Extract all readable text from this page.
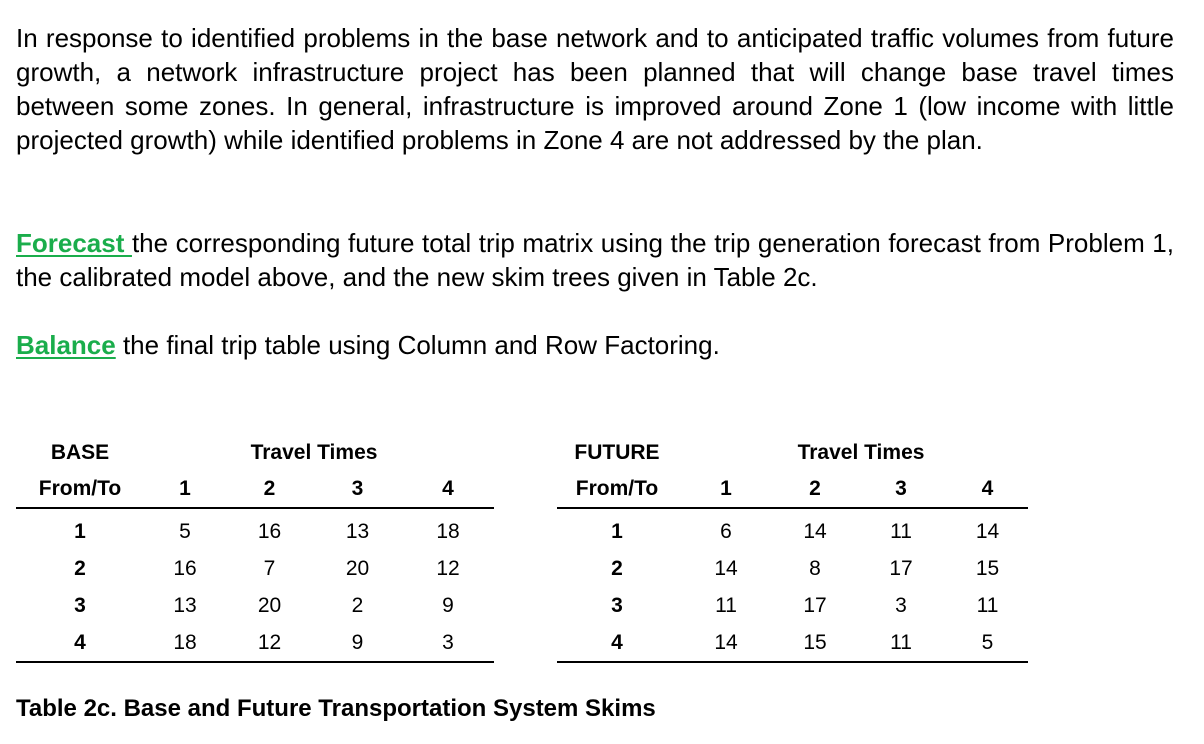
In response to identified problems in the base network and to anticipated traffic volumes from future growth, a network infrastructure project has been planned that will change base travel times between some zones. In general, infrastructure is improved around Zone 1 (low income with little projected growth) while identified problems in Zone 4 are not addressed by the plan.

Forecast the corresponding future total trip matrix using the trip generation forecast from Problem 1, the calibrated model above, and the new skim trees given in Table 2c.

Balance the final trip table using Column and Row Factoring.

BASE		Travel Times		
From/To	1	2	3	4
1	5	16	13	18
2	16	7	20	12
3	13	20	2	9
4	18	12	9	3
FUTURE		Travel Times		
From/To	1	2	3	4
1	6	14	11	14
2	14	8	17	15
3	11	17	3	11
4	14	15	11	5

Table 2c. Base and Future Transportation System Skims
